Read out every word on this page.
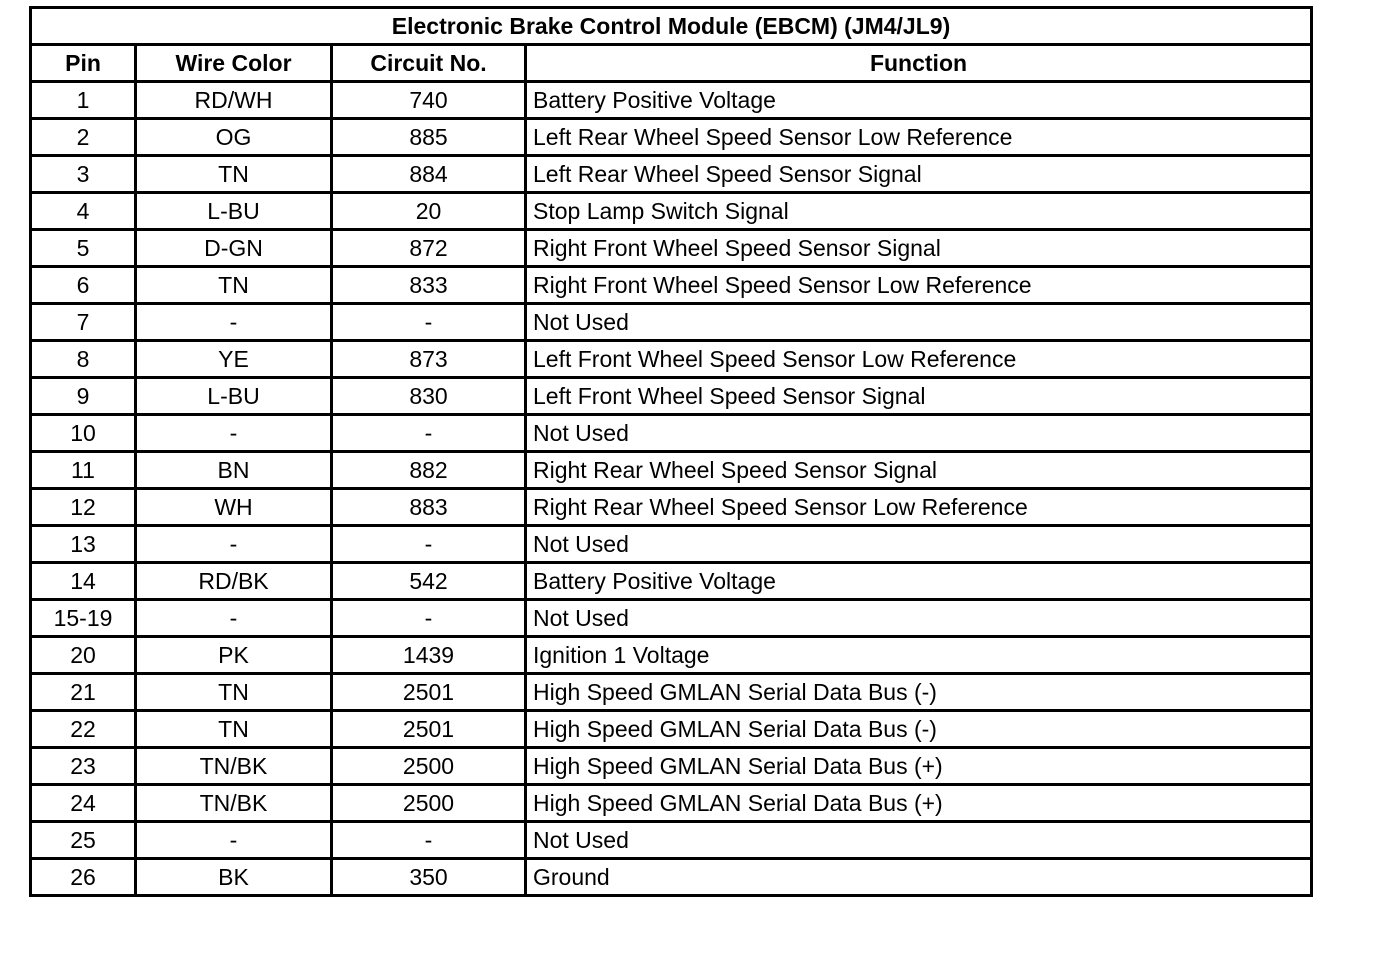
Electronic Brake Control Module (EBCM) (JM4/JL9)			
Pin	Wire Color	Circuit No.	Function
1	RD/WH	740	Battery Positive Voltage
2	OG	885	Left Rear Wheel Speed Sensor Low Reference
3	TN	884	Left Rear Wheel Speed Sensor Signal
4	L-BU	20	Stop Lamp Switch Signal
5	D-GN	872	Right Front Wheel Speed Sensor Signal
6	TN	833	Right Front Wheel Speed Sensor Low Reference
7	-	-	Not Used
8	YE	873	Left Front Wheel Speed Sensor Low Reference
9	L-BU	830	Left Front Wheel Speed Sensor Signal
10	-	-	Not Used
11	BN	882	Right Rear Wheel Speed Sensor Signal
12	WH	883	Right Rear Wheel Speed Sensor Low Reference
13	-	-	Not Used
14	RD/BK	542	Battery Positive Voltage
15-19	-	-	Not Used
20	PK	1439	Ignition 1 Voltage
21	TN	2501	High Speed GMLAN Serial Data Bus (-)
22	TN	2501	High Speed GMLAN Serial Data Bus (-)
23	TN/BK	2500	High Speed GMLAN Serial Data Bus (+)
24	TN/BK	2500	High Speed GMLAN Serial Data Bus (+)
25	-	-	Not Used
26	BK	350	Ground
